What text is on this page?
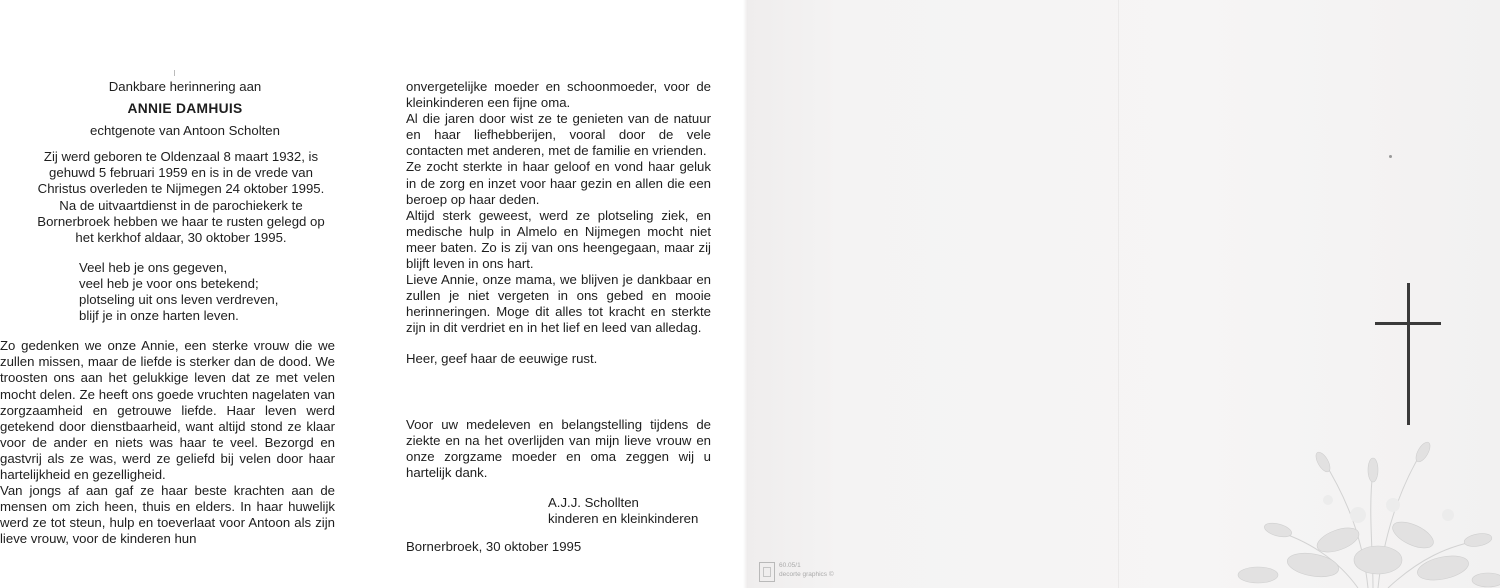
Dankbare herinnering aan
ANNIE DAMHUIS
echtgenote van Antoon Scholten
Zij werd geboren te Oldenzaal 8 maart 1932, is
gehuwd 5 februari 1959 en is in de vrede van
Christus overleden te Nijmegen 24 oktober 1995.
Na de uitvaartdienst in de parochiekerk te
Bornerbroek hebben we haar te rusten gelegd op
het kerkhof aldaar, 30 oktober 1995.
Veel heb je ons gegeven,
veel heb je voor ons betekend;
plotseling uit ons leven verdreven,
blijf je in onze harten leven.

Zo gedenken we onze Annie, een sterke vrouw die we zullen missen, maar de liefde is sterker dan de dood. We troosten ons aan het gelukkige leven dat ze met velen mocht delen. Ze heeft ons goede vruchten nagelaten van zorgzaamheid en getrouwe liefde. Haar leven werd getekend door dienstbaarheid, want altijd stond ze klaar voor de ander en niets was haar te veel. Bezorgd en gastvrij als ze was, werd ze geliefd bij velen door haar hartelijkheid en gezelligheid.

Van jongs af aan gaf ze haar beste krachten aan de mensen om zich heen, thuis en elders. In haar huwelijk werd ze tot steun, hulp en toeverlaat voor Antoon als zijn lieve vrouw, voor de kinderen hun

onvergetelijke moeder en schoonmoeder, voor de kleinkinderen een fijne oma.

Al die jaren door wist ze te genieten van de natuur en haar liefhebberijen, vooral door de vele contacten met anderen, met de familie en vrienden.

Ze zocht sterkte in haar geloof en vond haar geluk in de zorg en inzet voor haar gezin en allen die een beroep op haar deden.

Altijd sterk geweest, werd ze plotseling ziek, en medische hulp in Almelo en Nijmegen mocht niet meer baten. Zo is zij van ons heengegaan, maar zij blijft leven in ons hart.

Lieve Annie, onze mama, we blijven je dankbaar en zullen je niet vergeten in ons gebed en mooie herinneringen. Moge dit alles tot kracht en sterkte zijn in dit verdriet en in het lief en leed van alledag.

Heer, geef haar de eeuwige rust.

Voor uw medeleven en belangstelling tijdens de ziekte en na het overlijden van mijn lieve vrouw en onze zorgzame moeder en oma zeggen wij u hartelijk dank.

A.J.J. Schollten
kinderen en kleinkinderen
Bornerbroek, 30 oktober 1995
60.05/1
decorte graphics ©
